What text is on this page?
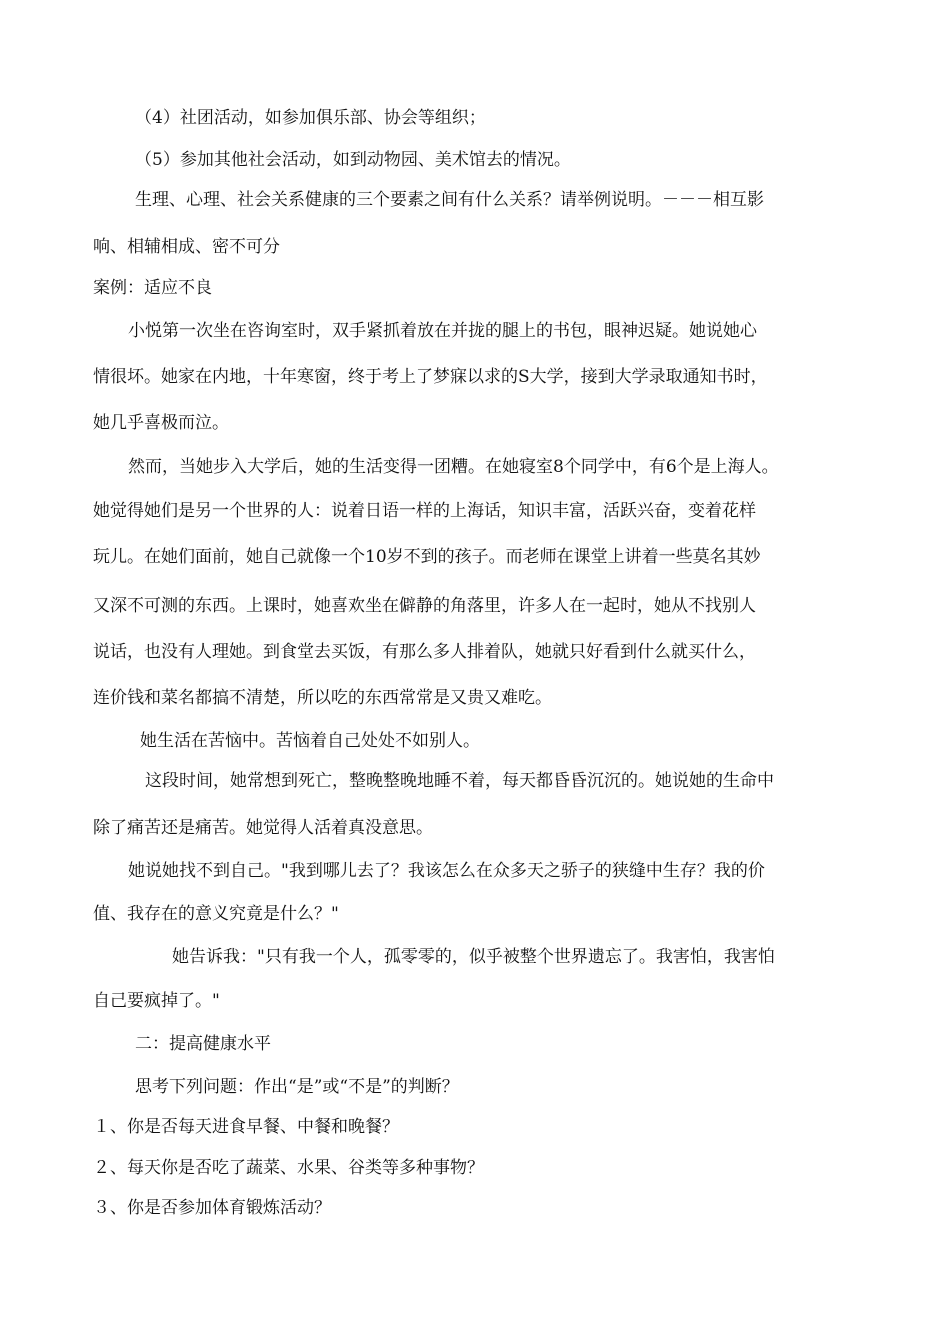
（4）社团活动，如参加俱乐部、协会等组织；
（5）参加其他社会活动，如到动物园、美术馆去的情况。
生理、心理、社会关系健康的三个要素之间有什么关系？请举例说明。－－－相互影
响、相辅相成、密不可分
案例：适应不良
小悦第一次坐在咨询室时，双手紧抓着放在并拢的腿上的书包，眼神迟疑。她说她心
情很坏。她家在内地，十年寒窗，终于考上了梦寐以求的S大学，接到大学录取通知书时，
她几乎喜极而泣。
然而，当她步入大学后，她的生活变得一团糟。在她寝室8个同学中，有6个是上海人。
她觉得她们是另一个世界的人：说着日语一样的上海话，知识丰富，活跃兴奋，变着花样
玩儿。在她们面前，她自己就像一个10岁不到的孩子。而老师在课堂上讲着一些莫名其妙
又深不可测的东西。上课时，她喜欢坐在僻静的角落里，许多人在一起时，她从不找别人
说话，也没有人理她。到食堂去买饭，有那么多人排着队，她就只好看到什么就买什么，
连价钱和菜名都搞不清楚，所以吃的东西常常是又贵又难吃。
她生活在苦恼中。苦恼着自己处处不如别人。
这段时间，她常想到死亡，整晚整晚地睡不着，每天都昏昏沉沉的。她说她的生命中
除了痛苦还是痛苦。她觉得人活着真没意思。
她说她找不到自己。"我到哪儿去了？我该怎么在众多天之骄子的狭缝中生存？我的价
值、我存在的意义究竟是什么？"
她告诉我："只有我一个人，孤零零的，似乎被整个世界遗忘了。我害怕，我害怕
自己要疯掉了。"
二：提高健康水平
思考下列问题：作出“是”或“不是”的判断？
１、你是否每天进食早餐、中餐和晚餐？
２、每天你是否吃了蔬菜、水果、谷类等多种事物？
３、你是否参加体育锻炼活动？
